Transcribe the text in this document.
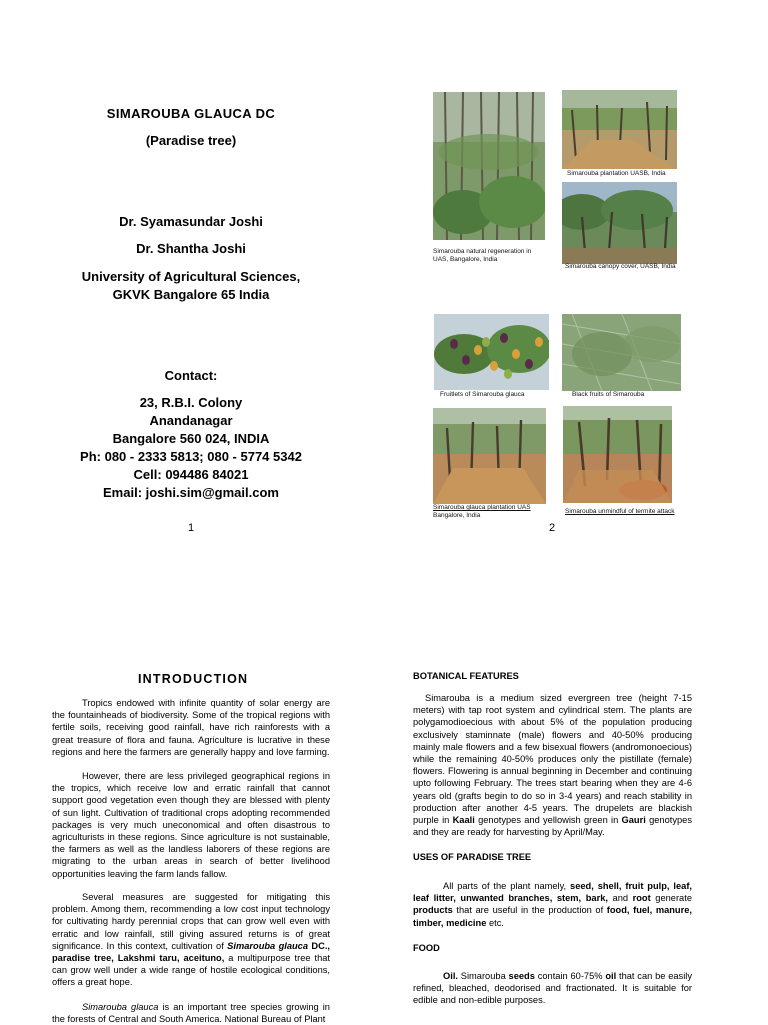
SIMAROUBA GLAUCA DC
(Paradise tree)
Dr. Syamasundar Joshi
Dr. Shantha Joshi
University of Agricultural Sciences,
GKVK Bangalore 65 India
Contact:
23, R.B.I. Colony
Anandanagar
Bangalore 560 024, INDIA
Ph: 080 - 2333 5813; 080 - 5774 5342
Cell: 094486 84021
Email: joshi.sim@gmail.com
1
Simarouba natural regeneration in
UAS, Bangalore, India
Simarouba plantation UASB, India
Simarouba canopy cover, UASB, India
Fruitlets of Simarouba glauca	Black fruits of Simarouba
Simarouba glauca plantation UAS
Bangalore, India
Simarouba unmindful of termite attack
2
INTRODUCTION
Tropics endowed with infinite quantity of solar energy are the fountainheads of biodiversity. Some of the tropical regions with fertile soils, receiving good rainfall, have rich rainforests with a great treasure of flora and fauna. Agriculture is lucrative in these regions and here the farmers are generally happy and love farming.
However, there are less privileged geographical regions in the tropics, which receive low and erratic rainfall that cannot support good vegetation even though they are blessed with plenty of sun light. Cultivation of traditional crops adopting recommended packages is very much uneconomical and often disastrous to agriculturists in these regions. Since agriculture is not sustainable, the farmers as well as the landless laborers of these regions are migrating to the urban areas in search of better livelihood opportunities leaving the farm lands fallow.
Several measures are suggested for mitigating this problem. Among them, recommending a low cost input technology for cultivating hardy perennial crops that can grow well even with erratic and low rainfall, still giving assured returns is of great significance. In this context, cultivation of Simarouba glauca DC., paradise tree, Lakshmi taru, aceituno, a multipurpose tree that can grow well under a wide range of hostile ecological conditions, offers a great hope.
Simarouba glauca is an important tree species growing in the forests of Central and South America. National Bureau of Plant
BOTANICAL FEATURES
Simarouba is a medium sized evergreen tree (height 7-15 meters) with tap root system and cylindrical stem. The plants are polygamodioecious with about 5% of the population producing exclusively staminnate (male) flowers and 40-50% producing mainly male flowers and a few bisexual flowers (andromonoecious) while the remaining 40-50% produces only the pistillate (female) flowers. Flowering is annual beginning in December and continuing upto following February. The trees start bearing when they are 4-6 years old (grafts begin to do so in 3-4 years) and reach stability in production after another 4-5 years. The drupelets are blackish purple in Kaali genotypes and yellowish green in Gauri genotypes and they are ready for harvesting by April/May.
USES OF PARADISE TREE
All parts of the plant namely, seed, shell, fruit pulp, leaf, leaf litter, unwanted branches, stem, bark, and root generate products that are useful in the production of food, fuel, manure, timber, medicine etc.
FOOD
Oil. Simarouba seeds contain 60-75% oil that can be easily refined, bleached, deodorised and fractionated. It is suitable for edible and non-edible purposes.
